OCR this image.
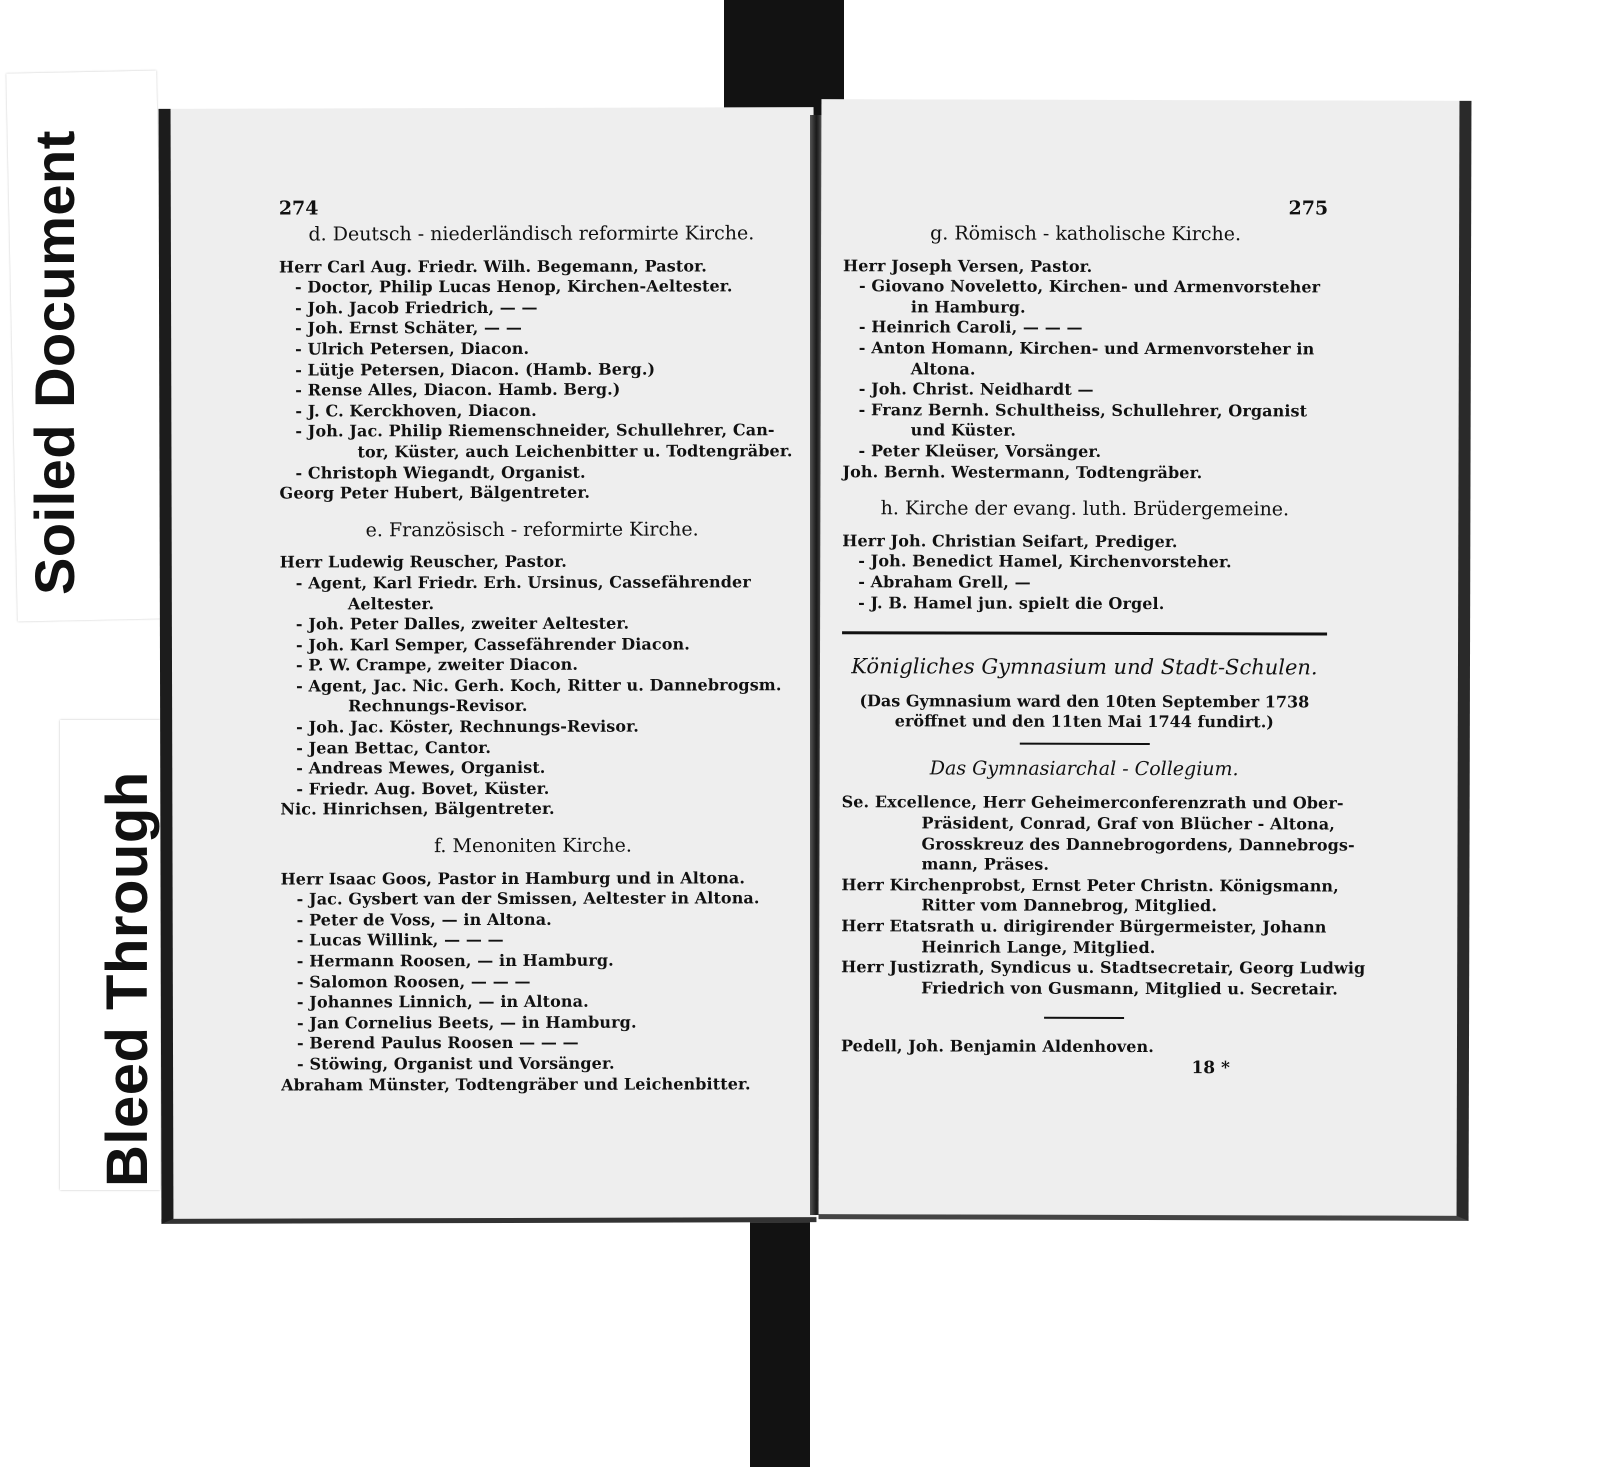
Soiled Document
Bleed Through
274
d. Deutsch - niederländisch reformirte Kirche.
Herr Carl Aug. Friedr. Wilh. Begemann, Pastor.
- Doctor, Philip Lucas Henop, Kirchen-Aeltester.
- Joh. Jacob Friedrich, — —
- Joh. Ernst Schäter, — —
- Ulrich Petersen, Diacon.
- Lütje Petersen, Diacon. (Hamb. Berg.)
- Rense Alles, Diacon. Hamb. Berg.)
- J. C. Kerckhoven, Diacon.
- Joh. Jac. Philip Riemenschneider, Schullehrer, Can-
tor, Küster, auch Leichenbitter u. Todtengräber.
- Christoph Wiegandt, Organist.
Georg Peter Hubert, Bälgentreter.
e. Französisch - reformirte Kirche.
Herr Ludewig Reuscher, Pastor.
- Agent, Karl Friedr. Erh. Ursinus, Cassefährender
Aeltester.
- Joh. Peter Dalles, zweiter Aeltester.
- Joh. Karl Semper, Cassefährender Diacon.
- P. W. Crampe, zweiter Diacon.
- Agent, Jac. Nic. Gerh. Koch, Ritter u. Dannebrogsm.
Rechnungs-Revisor.
- Joh. Jac. Köster, Rechnungs-Revisor.
- Jean Bettac, Cantor.
- Andreas Mewes, Organist.
- Friedr. Aug. Bovet, Küster.
Nic. Hinrichsen, Bälgentreter.
f. Menoniten Kirche.
Herr Isaac Goos, Pastor in Hamburg und in Altona.
- Jac. Gysbert van der Smissen, Aeltester in Altona.
- Peter de Voss, — in Altona.
- Lucas Willink, — — —
- Hermann Roosen, — in Hamburg.
- Salomon Roosen, — — —
- Johannes Linnich, — in Altona.
- Jan Cornelius Beets, — in Hamburg.
- Berend Paulus Roosen — — —
- Stöwing, Organist und Vorsänger.
Abraham Münster, Todtengräber und Leichenbitter.
275
g. Römisch - katholische Kirche.
Herr Joseph Versen, Pastor.
- Giovano Noveletto, Kirchen- und Armenvorsteher
in Hamburg.
- Heinrich Caroli, — — —
- Anton Homann, Kirchen- und Armenvorsteher in
Altona.
- Joh. Christ. Neidhardt —
- Franz Bernh. Schultheiss, Schullehrer, Organist
und Küster.
- Peter Kleüser, Vorsänger.
Joh. Bernh. Westermann, Todtengräber.
h. Kirche der evang. luth. Brüdergemeine.
Herr Joh. Christian Seifart, Prediger.
- Joh. Benedict Hamel, Kirchenvorsteher.
- Abraham Grell, —
- J. B. Hamel jun. spielt die Orgel.
Königliches Gymnasium und Stadt-Schulen.
(Das Gymnasium ward den 10ten September 1738
eröffnet und den 11ten Mai 1744 fundirt.)
Das Gymnasiarchal - Collegium.
Se. Excellence, Herr Geheimerconferenzrath und Ober-
Präsident, Conrad, Graf von Blücher - Altona,
Grosskreuz des Dannebrogordens, Dannebrogs-
mann, Präses.
Herr Kirchenprobst, Ernst Peter Christn. Königsmann,
Ritter vom Dannebrog, Mitglied.
Herr Etatsrath u. dirigirender Bürgermeister, Johann
Heinrich Lange, Mitglied.
Herr Justizrath, Syndicus u. Stadtsecretair, Georg Ludwig
Friedrich von Gusmann, Mitglied u. Secretair.
Pedell, Joh. Benjamin Aldenhoven.
18 *
